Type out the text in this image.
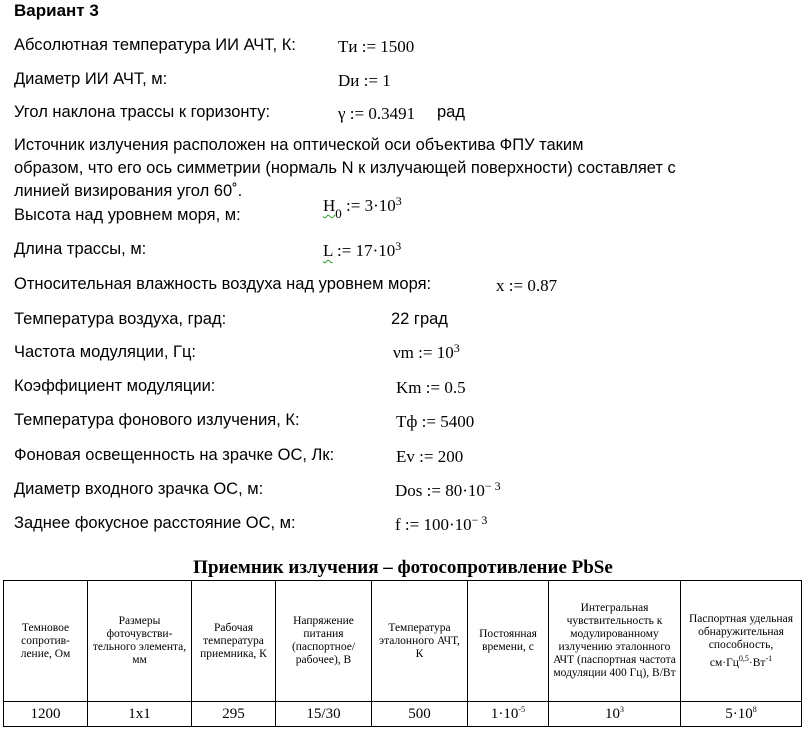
Вариант 3
Абсолютная температура ИИ АЧТ, К: Tи := 1500
Диаметр ИИ АЧТ, м:	Dи := 1
Угол наклона трассы к горизонту:	γ := 0.3491 рад
Источник излучения расположен на оптической оси объектива ФПУ таким
образом, что его ось симметрии (нормаль N к излучающей поверхности) составляет с
линией визирования угол 60˚.
Высота над уровнем моря, м:	$H_0$ := $3\cdot 10^3$
Длина трассы, м:	L := $17\cdot 10^3$
Относительная влажность воздуха над уровнем моря:	x := 0.87
Температура воздуха, град:	22 град
Частота модуляции, Гц:	νm := $10^3$
Коэффициент модуляции:	Km := 0.5
Температура фонового излучения, К:	Tф := 5400
Фоновая освещенность на зрачке ОС, Лк:	Ev := 200
Диаметр входного зрачка ОС, м:	Dos := $80\cdot 10^{- 3}$
Заднее фокусное расстояние ОС, м:	f := $100\cdot 10^{- 3}$
Приемник излучения – фотосопротивление PbSe
Темновое сопротив-ление, Ом	Размеры фоточувстви-тельного элемента, мм	Рабочая температура приемника, К	Напряжение питания (паспортное/ рабочее), В	Температура эталонного АЧТ, К	Постоянная времени, с	Интегральная чувствительность к модулированному излучению эталонного АЧТ (паспортная частота модуляции 400 Гц), В/Вт	Паспортная удельная обнаружительная способность, $см\cdot Гц^{0,5}\cdot Вт^{-1}$
1200	1x1	295	15/30	500	$1\cdot 10^{-5}$	$10^3$	$5\cdot 10^8$
